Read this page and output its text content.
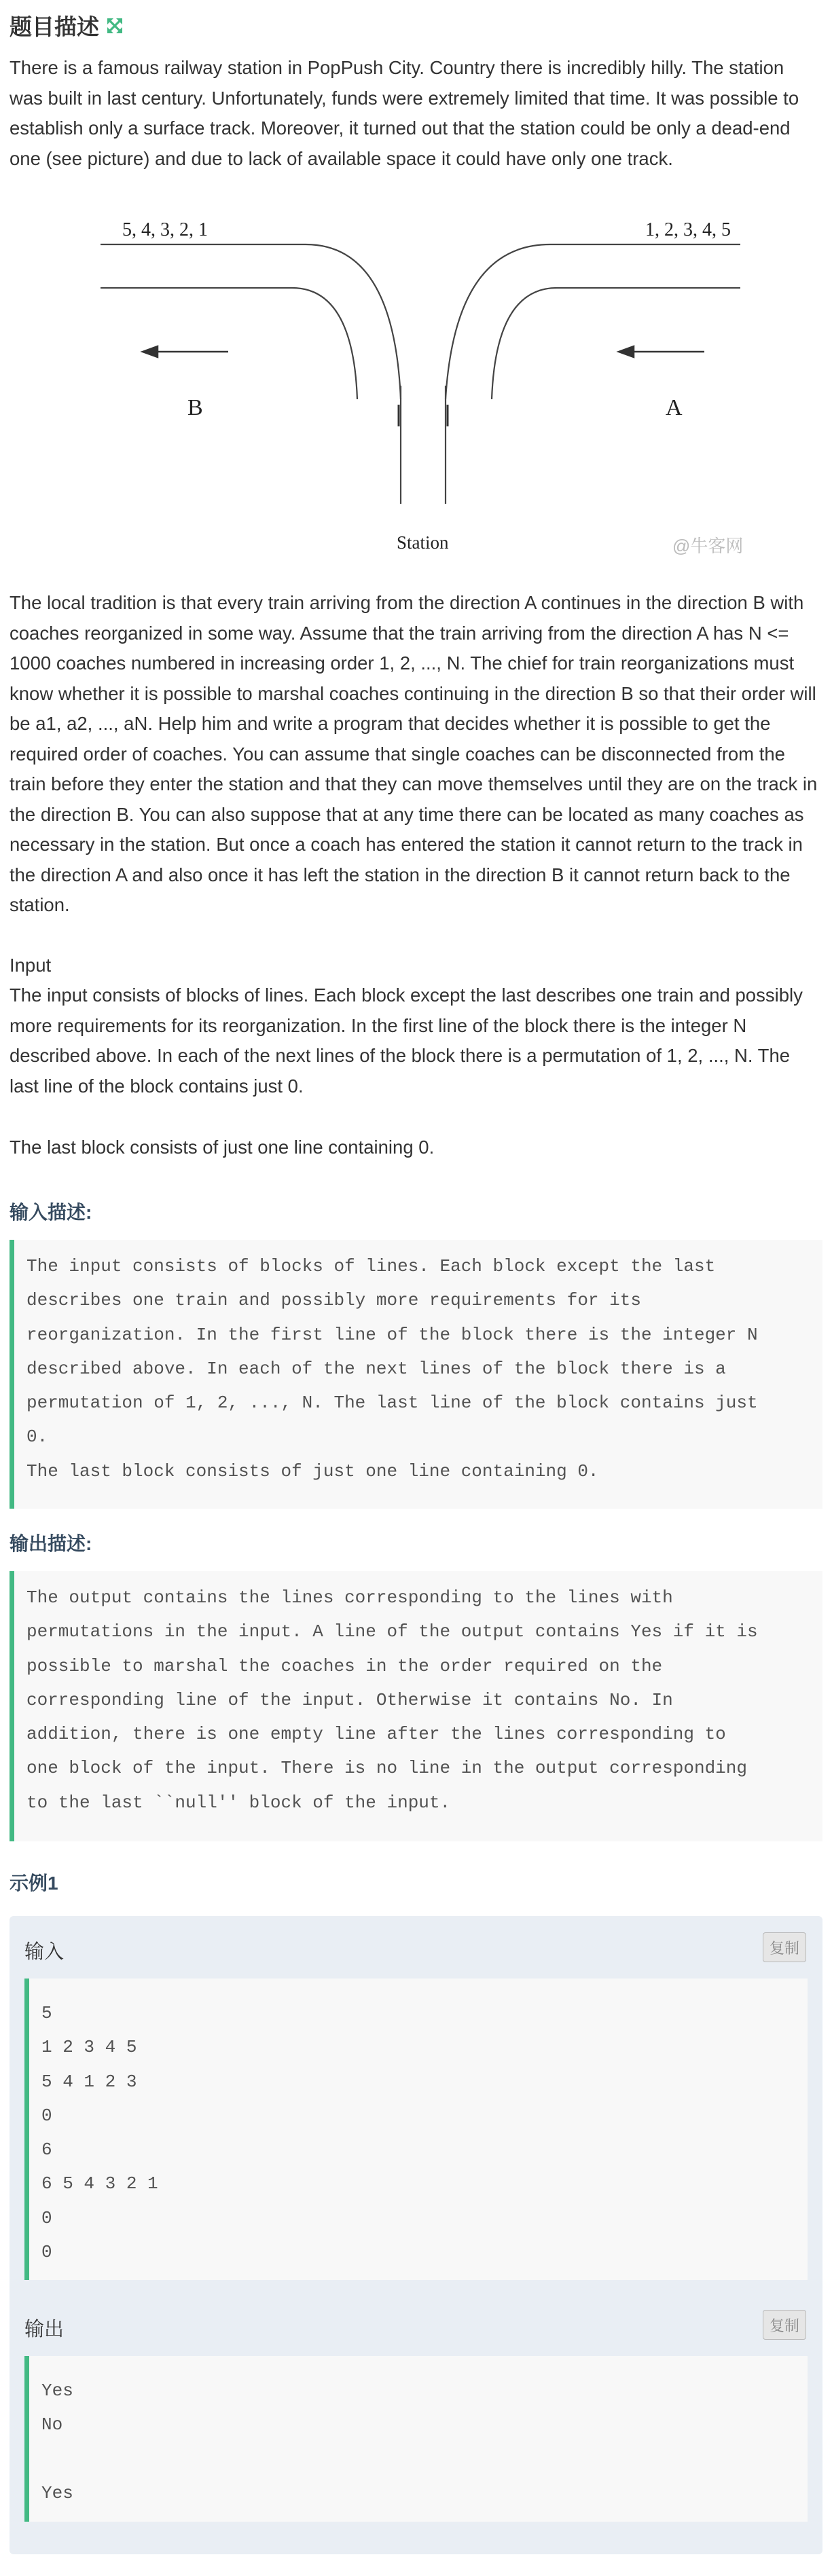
题目描述

There is a famous railway station in PopPush City. Country there is incredibly hilly. The station was built in last century. Unfortunately, funds were extremely limited that time. It was possible to establish only a surface track. Moreover, it turned out that the station could be only a dead-end one (see picture) and due to lack of available space it could have only one track.

5, 4, 3, 2, 1	1, 2, 3, 4, 5
B	A
Station	@牛客网

The local tradition is that every train arriving from the direction A continues in the direction B with coaches reorganized in some way. Assume that the train arriving from the direction A has N <= 1000 coaches numbered in increasing order 1, 2, ..., N. The chief for train reorganizations must know whether it is possible to marshal coaches continuing in the direction B so that their order will be a1, a2, ..., aN. Help him and write a program that decides whether it is possible to get the required order of coaches. You can assume that single coaches can be disconnected from the train before they enter the station and that they can move themselves until they are on the track in the direction B. You can also suppose that at any time there can be located as many coaches as necessary in the station. But once a coach has entered the station it cannot return to the track in the direction A and also once it has left the station in the direction B it cannot return back to the station.

Input

The input consists of blocks of lines. Each block except the last describes one train and possibly more requirements for its reorganization. In the first line of the block there is the integer N described above. In each of the next lines of the block there is a permutation of 1, 2, ..., N. The last line of the block contains just 0.

The last block consists of just one line containing 0.

输入描述:
The input consists of blocks of lines. Each block except the last
describes one train and possibly more requirements for its
reorganization. In the first line of the block there is the integer N
described above. In each of the next lines of the block there is a
permutation of 1, 2, ..., N. The last line of the block contains just
0.
The last block consists of just one line containing 0.
输出描述:
The output contains the lines corresponding to the lines with
permutations in the input. A line of the output contains Yes if it is
possible to marshal the coaches in the order required on the
corresponding line of the input. Otherwise it contains No. In
addition, there is one empty line after the lines corresponding to
one block of the input. There is no line in the output corresponding
to the last ``null'' block of the input.
示例1
输入	复制
5
1 2 3 4 5
5 4 1 2 3
0
6
6 5 4 3 2 1
0
0
输出	复制
Yes
No

Yes
